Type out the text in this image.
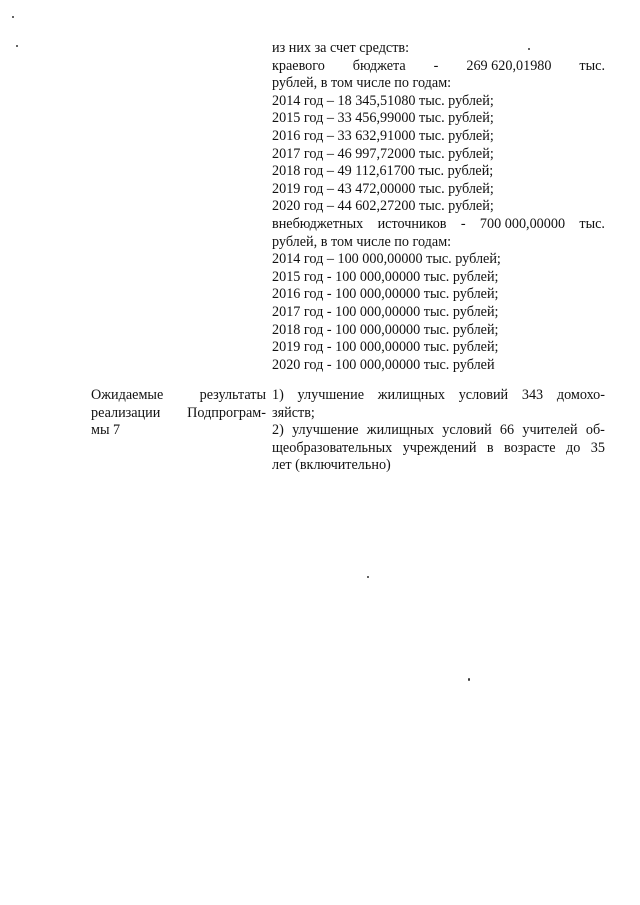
из них за счет средств:
краевого бюджета - 269 620,01980 тыс.
рублей, в том числе по годам:
2014 год – 18 345,51080 тыс. рублей;
2015 год – 33 456,99000 тыс. рублей;
2016 год – 33 632,91000 тыс. рублей;
2017 год – 46 997,72000 тыс. рублей;
2018 год – 49 112,61700 тыс. рублей;
2019 год – 43 472,00000 тыс. рублей;
2020 год – 44 602,27200 тыс. рублей;
внебюджетных источников - 700 000,00000 тыс.
рублей, в том числе по годам:
2014 год – 100 000,00000 тыс. рублей;
2015 год - 100 000,00000 тыс. рублей;
2016 год - 100 000,00000 тыс. рублей;
2017 год - 100 000,00000 тыс. рублей;
2018 год - 100 000,00000 тыс. рублей;
2019 год - 100 000,00000 тыс. рублей;
2020 год - 100 000,00000 тыс. рублей
Ожидаемые	результаты
реализации Подпрограм-
мы 7
1) улучшение жилищных условий 343 домохо-
зяйств;
2) улучшение жилищных условий 66 учителей об-
щеобразовательных учреждений в возрасте до 35
лет (включительно)
